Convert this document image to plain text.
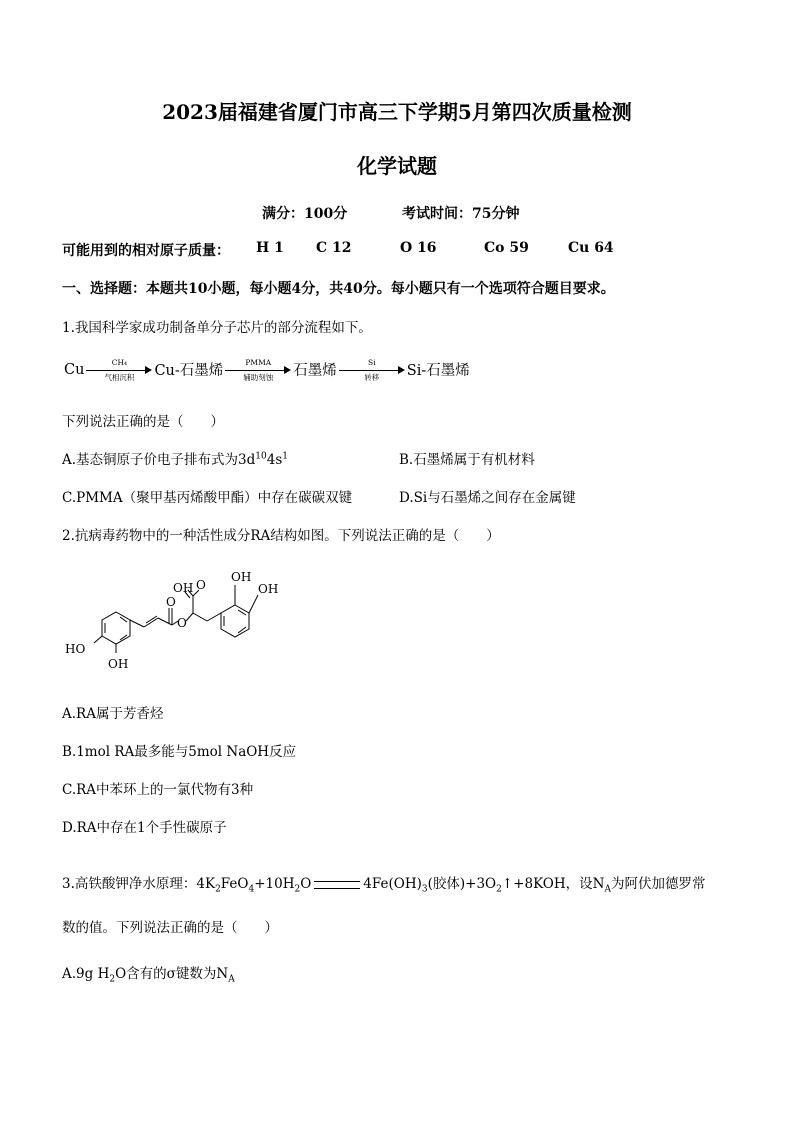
2023届福建省厦门市高三下学期5月第四次质量检测
化学试题
满分：100分	考试时间：75分钟
可能用到的相对原子质量： H 1 C 12	O 16	Co 59	Cu 64
一、选择题：本题共10小题，每小题4分，共40分。每小题只有一个选项符合题目要求。
1.我国科学家成功制备单分子芯片的部分流程如下。
Cu	CH₄
气相沉积	Cu-石墨烯
PMMA
辅助刻蚀	石墨烯
Si
转移	Si-石墨烯
下列说法正确的是（　　）
A.基态铜原子价电子排布式为$3d^{10}4s^1$	B.石墨烯属于有机材料
C.PMMA（聚甲基丙烯酸甲酯）中存在碳碳双键	D.Si与石墨烯之间存在金属键
2.抗病毒药物中的一种活性成分RA结构如图。下列说法正确的是（　　）
OH
OH
HO
OH
O
O
OH O
A.RA属于芳香烃
B.1mol RA最多能与5mol NaOH反应
C.RA中苯环上的一氯代物有3种
D.RA中存在1个手性碳原子
3.高铁酸钾净水原理：$4K_2FeO_4+10H_2O$	$4Fe(OH)_3$(胶体)$+3O_2↑+8KOH$，设$N_A$为阿伏加德罗常
数的值。下列说法正确的是（　　）
A.9g $H_2O$含有的σ键数为$N_A$
